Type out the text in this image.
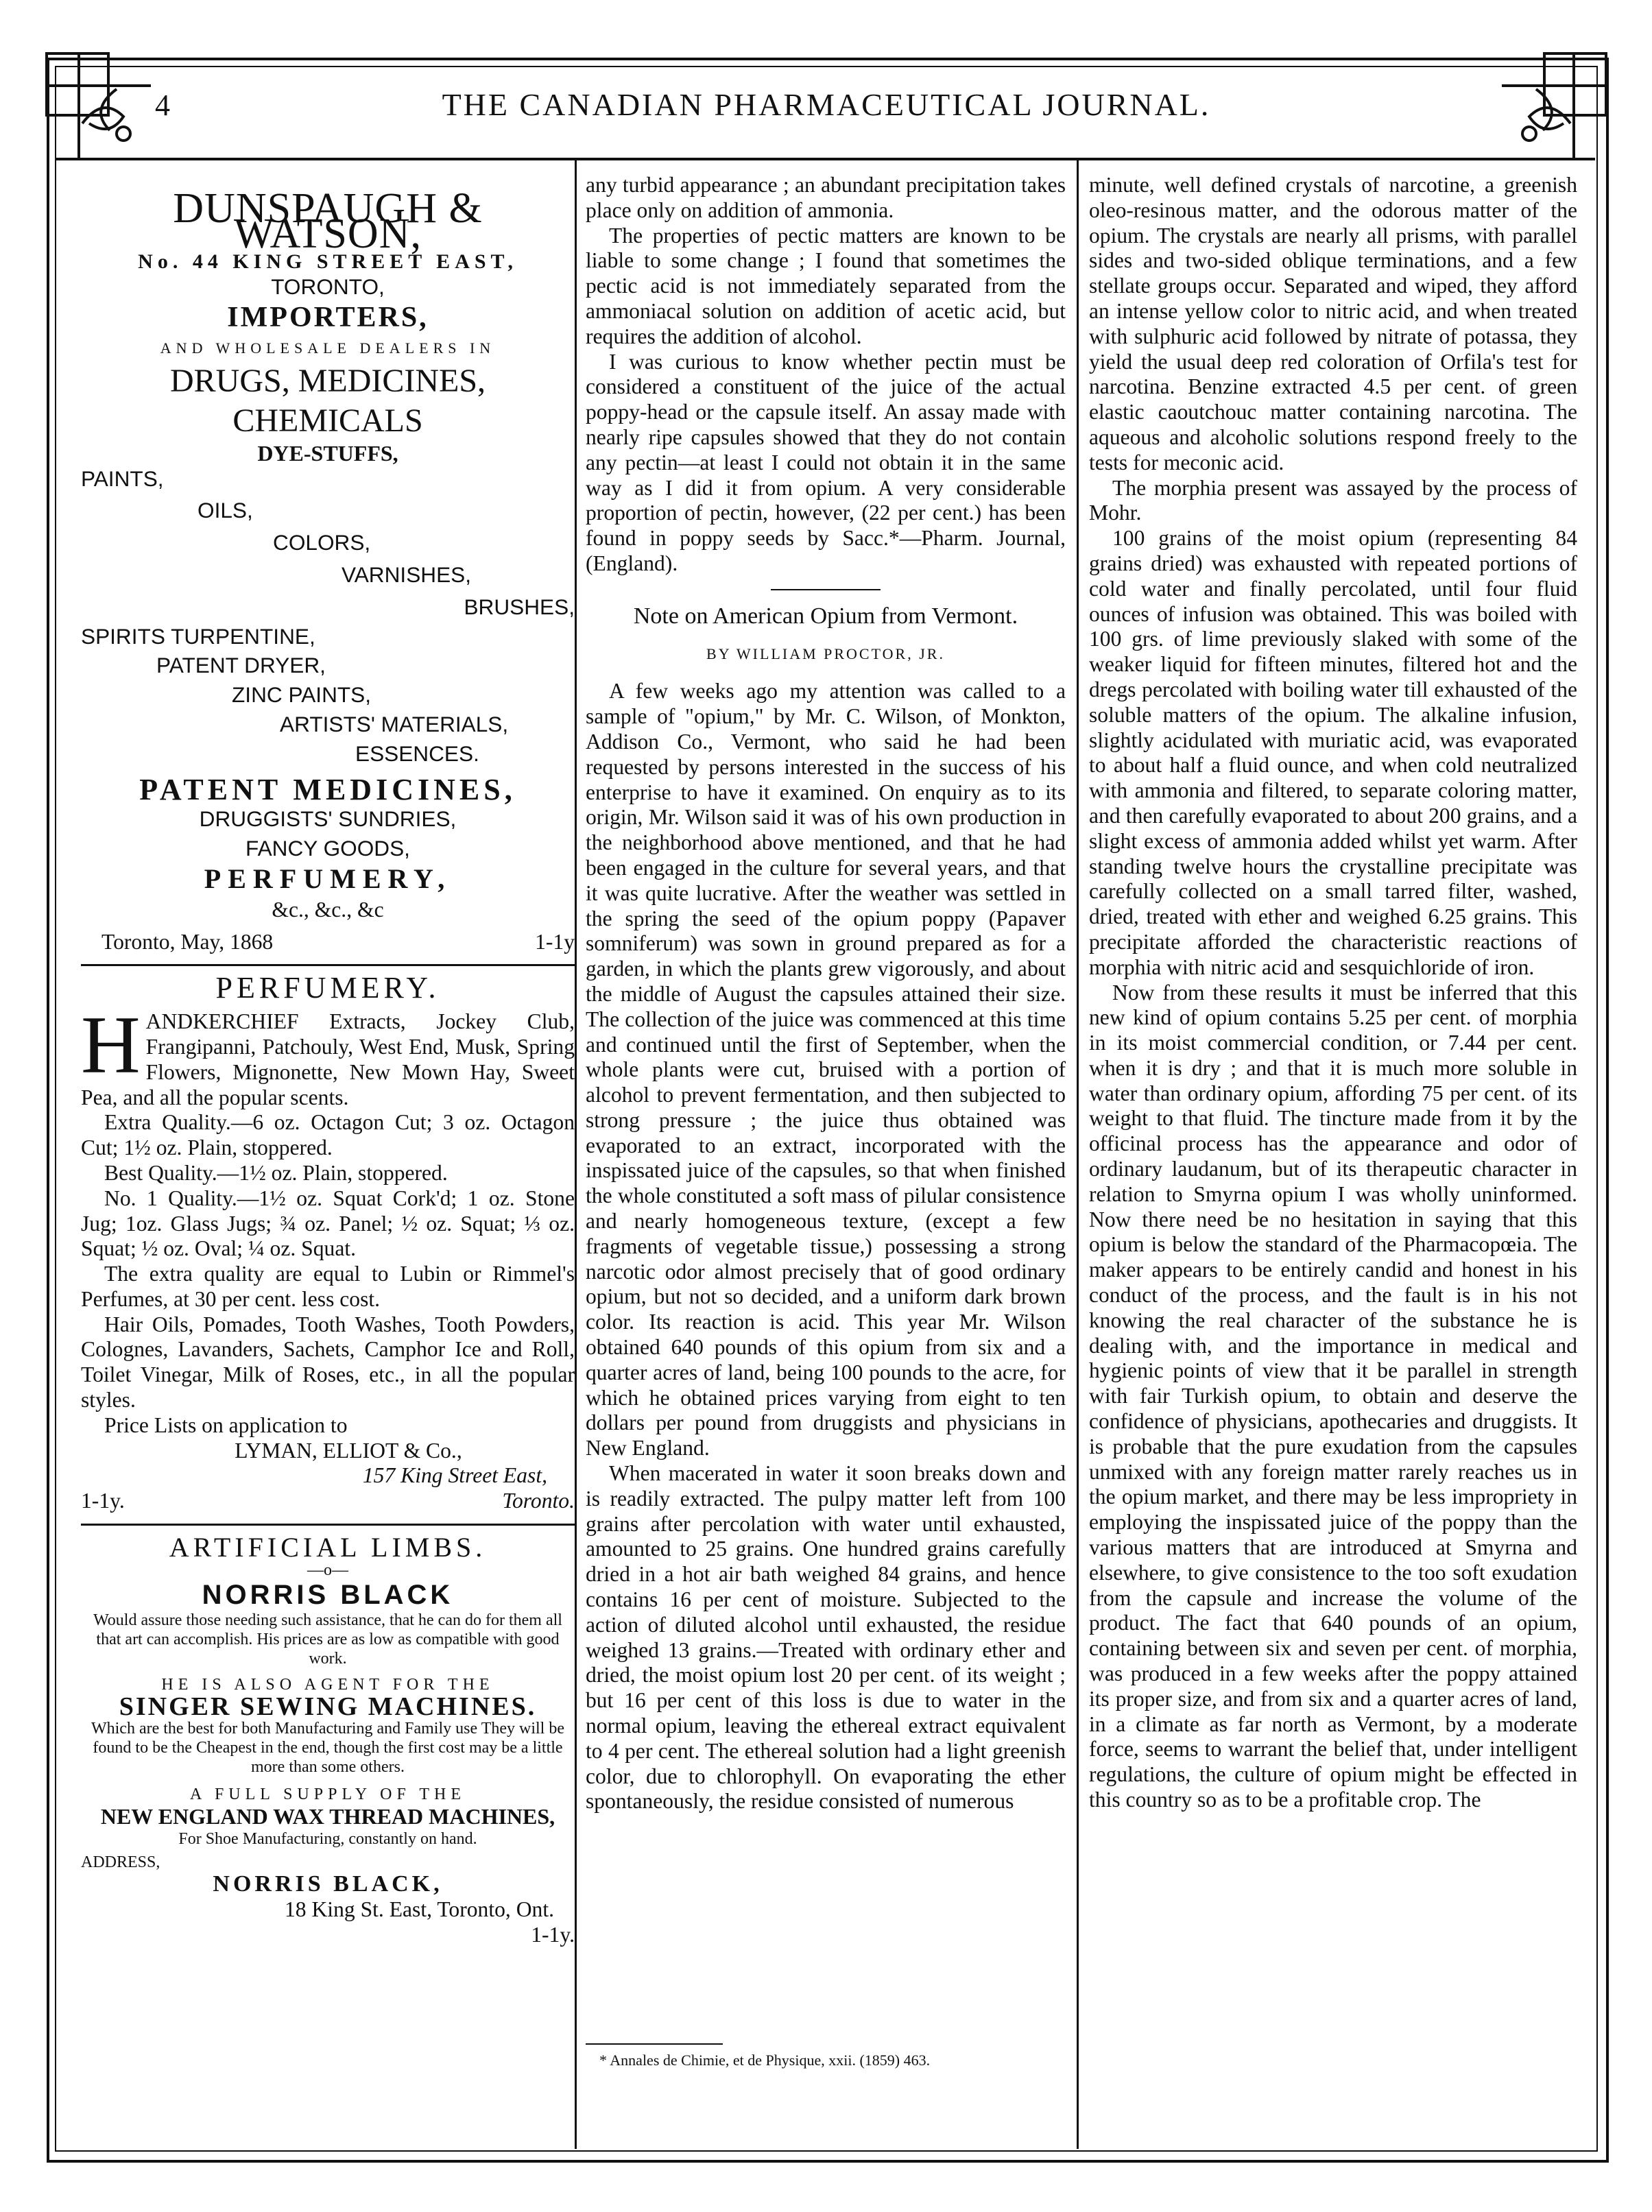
4	THE CANADIAN PHARMACEUTICAL JOURNAL.
DUNSPAUGH & WATSON,
No. 44 KING STREET EAST,
TORONTO,
IMPORTERS,
AND WHOLESALE DEALERS IN
DRUGS, MEDICINES, CHEMICALS
DYE-STUFFS,
PAINTS,
OILS,
COLORS,
VARNISHES,
BRUSHES,
SPIRITS TURPENTINE,
PATENT DRYER,
ZINC PAINTS,
ARTISTS' MATERIALS,
ESSENCES.
PATENT MEDICINES,
DRUGGISTS' SUNDRIES,
FANCY GOODS,
PERFUMERY,
&c., &c., &c
Toronto, May, 1868	1-1y
PERFUMERY.

HANDKERCHIEF Extracts, Jockey Club, Frangipanni, Patchouly, West End, Musk, Spring Flowers, Mignonette, New Mown Hay, Sweet Pea, and all the popular scents.

Extra Quality.—6 oz. Octagon Cut; 3 oz. Octagon Cut; 1½ oz. Plain, stoppered.

Best Quality.—1½ oz. Plain, stoppered.

No. 1 Quality.—1½ oz. Squat Cork'd; 1 oz. Stone Jug; 1oz. Glass Jugs; ¾ oz. Panel; ½ oz. Squat; ⅓ oz. Squat; ½ oz. Oval; ¼ oz. Squat.

The extra quality are equal to Lubin or Rimmel's Perfumes, at 30 per cent. less cost.

Hair Oils, Pomades, Tooth Washes, Tooth Powders, Colognes, Lavanders, Sachets, Camphor Ice and Roll, Toilet Vinegar, Milk of Roses, etc., in all the popular styles.

Price Lists on application to

LYMAN, ELLIOT & Co.,
157 King Street East,
1-1y.	Toronto.
ARTIFICIAL LIMBS.
—o—
NORRIS BLACK
Would assure those needing such assistance, that he can do for them all that art can accomplish. His prices are as low as compatible with good work.
HE IS ALSO AGENT FOR THE
SINGER SEWING MACHINES.
Which are the best for both Manufacturing and Family use They will be found to be the Cheapest in the end, though the first cost may be a little more than some others.
A FULL SUPPLY OF THE
NEW ENGLAND WAX THREAD MACHINES,
For Shoe Manufacturing, constantly on hand.
ADDRESS,
NORRIS BLACK,
18 King St. East, Toronto, Ont.
1-1y.

any turbid appearance ; an abundant precipitation takes place only on addition of ammonia.

The properties of pectic matters are known to be liable to some change ; I found that sometimes the pectic acid is not immediately separated from the ammoniacal solution on addition of acetic acid, but requires the addition of alcohol.

I was curious to know whether pectin must be considered a constituent of the juice of the actual poppy-head or the capsule itself. An assay made with nearly ripe capsules showed that they do not contain any pectin—at least I could not obtain it in the same way as I did it from opium. A very considerable proportion of pectin, however, (22 per cent.) has been found in poppy seeds by Sacc.*—Pharm. Journal, (England).

Note on American Opium from Vermont.
BY WILLIAM PROCTOR, JR.

A few weeks ago my attention was called to a sample of "opium," by Mr. C. Wilson, of Monkton, Addison Co., Vermont, who said he had been requested by persons interested in the success of his enterprise to have it examined. On enquiry as to its origin, Mr. Wilson said it was of his own production in the neighborhood above mentioned, and that he had been engaged in the culture for several years, and that it was quite lucrative. After the weather was settled in the spring the seed of the opium poppy (Papaver somniferum) was sown in ground prepared as for a garden, in which the plants grew vigorously, and about the middle of August the capsules attained their size. The collection of the juice was commenced at this time and continued until the first of September, when the whole plants were cut, bruised with a portion of alcohol to prevent fermentation, and then subjected to strong pressure ; the juice thus obtained was evaporated to an extract, incorporated with the inspissated juice of the capsules, so that when finished the whole constituted a soft mass of pilular consistence and nearly homogeneous texture, (except a few fragments of vegetable tissue,) possessing a strong narcotic odor almost precisely that of good ordinary opium, but not so decided, and a uniform dark brown color. Its reaction is acid. This year Mr. Wilson obtained 640 pounds of this opium from six and a quarter acres of land, being 100 pounds to the acre, for which he obtained prices varying from eight to ten dollars per pound from druggists and physicians in New England.

When macerated in water it soon breaks down and is readily extracted. The pulpy matter left from 100 grains after percolation with water until exhausted, amounted to 25 grains. One hundred grains carefully dried in a hot air bath weighed 84 grains, and hence contains 16 per cent of moisture. Subjected to the action of diluted alcohol until exhausted, the residue weighed 13 grains.—Treated with ordinary ether and dried, the moist opium lost 20 per cent. of its weight ; but 16 per cent of this loss is due to water in the normal opium, leaving the ethereal extract equivalent to 4 per cent. The ethereal solution had a light greenish color, due to chlorophyll. On evaporating the ether spontaneously, the residue consisted of numerous

* Annales de Chimie, et de Physique, xxii. (1859) 463.

minute, well defined crystals of narcotine, a greenish oleo-resinous matter, and the odorous matter of the opium. The crystals are nearly all prisms, with parallel sides and two-sided oblique terminations, and a few stellate groups occur. Separated and wiped, they afford an intense yellow color to nitric acid, and when treated with sulphuric acid followed by nitrate of potassa, they yield the usual deep red coloration of Orfila's test for narcotina. Benzine extracted 4.5 per cent. of green elastic caoutchouc matter containing narcotina. The aqueous and alcoholic solutions respond freely to the tests for meconic acid.

The morphia present was assayed by the process of Mohr.

100 grains of the moist opium (representing 84 grains dried) was exhausted with repeated portions of cold water and finally percolated, until four fluid ounces of infusion was obtained. This was boiled with 100 grs. of lime previously slaked with some of the weaker liquid for fifteen minutes, filtered hot and the dregs percolated with boiling water till exhausted of the soluble matters of the opium. The alkaline infusion, slightly acidulated with muriatic acid, was evaporated to about half a fluid ounce, and when cold neutralized with ammonia and filtered, to separate coloring matter, and then carefully evaporated to about 200 grains, and a slight excess of ammonia added whilst yet warm. After standing twelve hours the crystalline precipitate was carefully collected on a small tarred filter, washed, dried, treated with ether and weighed 6.25 grains. This precipitate afforded the characteristic reactions of morphia with nitric acid and sesquichloride of iron.

Now from these results it must be inferred that this new kind of opium contains 5.25 per cent. of morphia in its moist commercial condition, or 7.44 per cent. when it is dry ; and that it is much more soluble in water than ordinary opium, affording 75 per cent. of its weight to that fluid. The tincture made from it by the officinal process has the appearance and odor of ordinary laudanum, but of its therapeutic character in relation to Smyrna opium I was wholly uninformed. Now there need be no hesitation in saying that this opium is below the standard of the Pharmacopœia. The maker appears to be entirely candid and honest in his conduct of the process, and the fault is in his not knowing the real character of the substance he is dealing with, and the importance in medical and hygienic points of view that it be parallel in strength with fair Turkish opium, to obtain and deserve the confidence of physicians, apothecaries and druggists. It is probable that the pure exudation from the capsules unmixed with any foreign matter rarely reaches us in the opium market, and there may be less impropriety in employing the inspissated juice of the poppy than the various matters that are introduced at Smyrna and elsewhere, to give consistence to the too soft exudation from the capsule and increase the volume of the product. The fact that 640 pounds of an opium, containing between six and seven per cent. of morphia, was produced in a few weeks after the poppy attained its proper size, and from six and a quarter acres of land, in a climate as far north as Vermont, by a moderate force, seems to warrant the belief that, under intelligent regulations, the culture of opium might be effected in this country so as to be a profitable crop. The
